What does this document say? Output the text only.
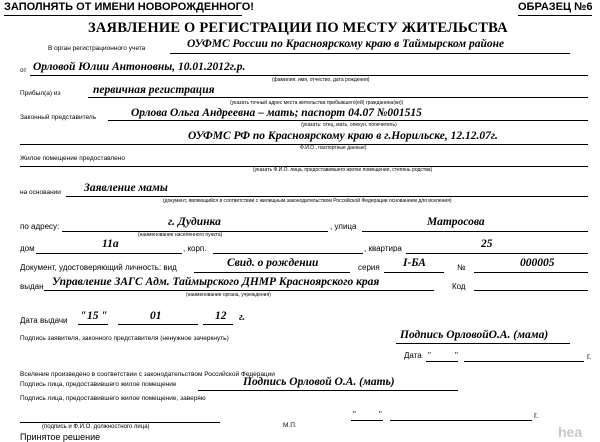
ЗАПОЛНЯТЬ ОТ ИМЕНИ НОВОРОЖДЕННОГО!	ОБРАЗЕЦ №6
ЗАЯВЛЕНИЕ О РЕГИСТРАЦИИ ПО МЕСТУ ЖИТЕЛЬСТВА
В орган регистрационного учета	ОУФМС России по Красноярскому краю в Таймырском районе
от Орловой Юлии Антоновны, 10.01.2012г.р.
(фамилия, имя, отчество, дата рождения)
Прибыл(а) из	первичная регистрация
(указать точный адрес места жительства прибывшего(ей) гражданина(ки))
Законный представитель	Орлова Ольга Андреевна – мать; паспорт 04.07 №001515
(указать: отец, мать, опекун, попечитель)
ОУФМС РФ по Красноярскому краю в г.Норильске, 12.12.07г.
Ф.И.О., паспортные данные)
Жилое помещение предоставлено
(указать Ф.И.О. лица, предоставившего жилое помещение, степень родства)
на основании Заявление мамы
(документ, являющийся в соответствии с жилищным законодательством Российской Федерации основанием для вселения)
по адресу:	г. Дудинка
(наименование населенного пункта)
, улица	Матросова
дом	11а	, корп.	, квартира	25
Документ, удостоверяющий личность: вид	Свид. о рождении	серия I-БА	№	000005
выдан Управление ЗАГС Адм. Таймырского ДНМР Красноярского края
(наименование органа, учреждения)
Код
Дата выдачи " 15 "	01	12 г.
Подпись заявителя, законного представителя (ненужное зачеркнуть)	Подпись ОрловойО.А. (мама)
Дата "	"	г.
Вселение произведено в соответствии с законодательством Российской Федерации
Подпись лица, предоставившего жилое помещение	Подпись Орловой О.А. (мать)
Подпись лица, предоставившего жилое помещение, заверяю
(подпись и Ф.И.О. должностного лица)	М.П.
"	"	г.
Принятое решение	hea
